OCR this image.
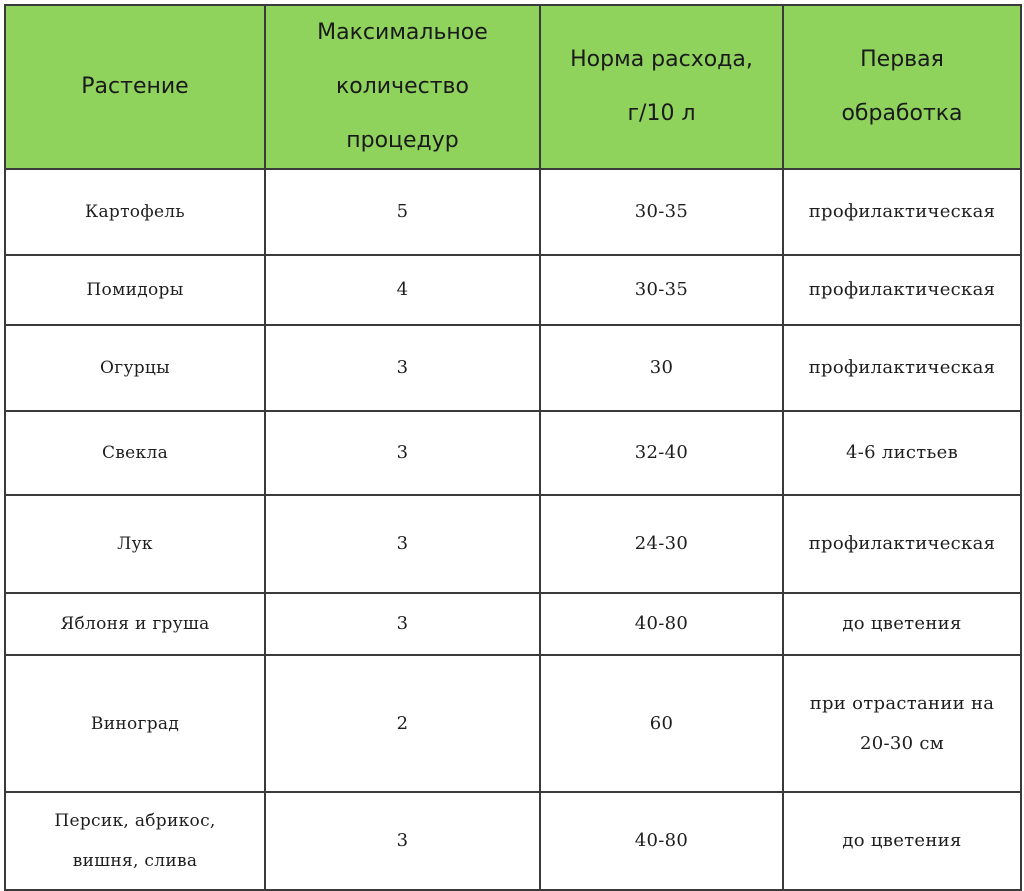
Растение	Максимальное количество процедур	Норма расхода, г/10 л	Первая обработка
Картофель	5	30-35	профилактическая
Помидоры	4	30-35	профилактическая
Огурцы	3	30	профилактическая
Свекла	3	32-40	4-6 листьев
Лук	3	24-30	профилактическая
Яблоня и груша	3	40-80	до цветения
Виноград	2	60	при отрастании на 20-30 см
Персик, абрикос, вишня, слива	3	40-80	до цветения
